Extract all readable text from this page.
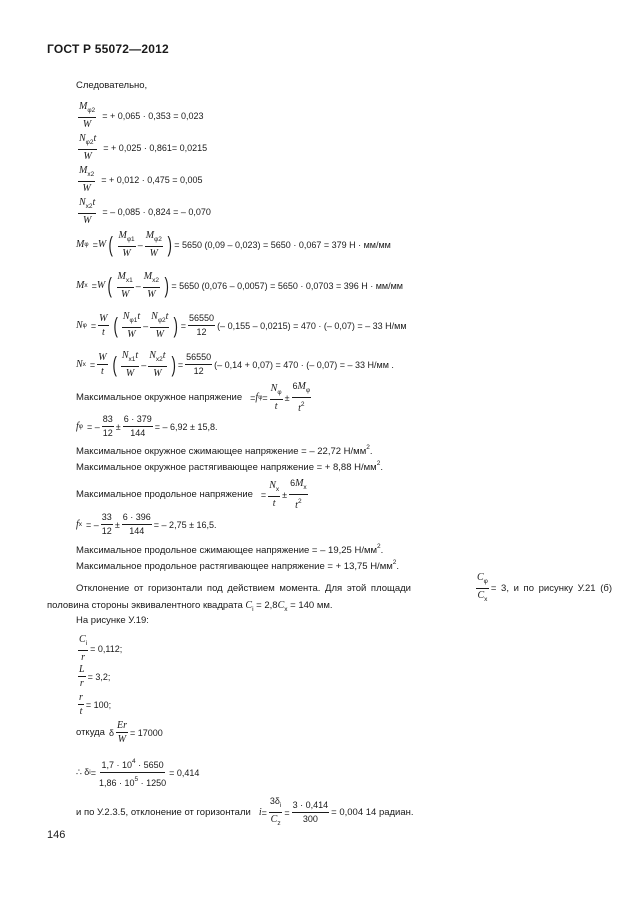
ГОСТ Р 55072—2012
Следовательно,
$M_{\varphi 2}$
W
= + 0,065 · 0,353 = 0,023
$N_{\varphi 2}t$
W
= + 0,025 · 0,861= 0,0215
$M_{x2}$
W
= + 0,012 · 0,475 = 0,005
$N_{x2}t$
W
= – 0,085 · 0,824 = – 0,070
M φ = W ( $M_{\varphi 1}$
W
–
$M_{\varphi 2}$
W ) = 5650 (0,09 – 0,023) = 5650 · 0,067 = 379 Н · мм/мм
M x = W ( $M_{x1}$
W
–
$M_{x2}$
W ) = 5650 (0,076 – 0,0057) = 5650 · 0,0703 = 396 Н · мм/мм
N φ =
W
t ( $N_{\varphi 1}t$
W
–
$N_{\varphi 2}t$
W ) =
56550
12
(– 0,155 – 0,0215) = 470 · (– 0,07) = – 33 Н/мм
N x =
W
t ( $N_{x1}t$
W
–
$N_{x2}t$
W ) =
56550
12
(– 0,14 + 0,07) = 470 · (– 0,07) = – 33 Н/мм .
Максимальное окружное напряжение = f φ =
$N_\varphi$
t
±
$6M_\varphi$
$t^2$
f φ = –
83
12
± $\frac{6 \cdot 379}{144}$ = – 6,92 ± 15,8.
Максимальное окружное сжимающее напряжение = – 22,72 $Н/мм^2$.
Максимальное окружное растягивающее напряжение = + 8,88 $Н/мм^2$.
Максимальное продольное напряжение =
$N_x$
t
±
$6M_x$
$t^2$
f x = –
33
12
± $\frac{6 \cdot 396}{144}$ = – 2,75 ± 16,5.
Максимальное продольное сжимающее напряжение = – 19,25 $Н/мм^2$.
Максимальное продольное растягивающее напряжение = + 13,75 $Н/мм^2$.
Отклонение от горизонтали под действием момента. Для этой площади	$\frac{C_\varphi}{C_x} = 3$, и по рисунку У.21 (б)
половина стороны эквивалентного квадрата $C_i = 2,8C_x = 140$ мм.
На рисунке У.19:
$\frac{C_i}{r} = 0,112$;
$\frac{L}{r} = 3,2$;
$\frac{r}{t} = 100$;
откуда δ $\frac{Er}{W} = 17000$
∴ δ $i = \frac{1,7 \cdot 10^4 \cdot 5650}{1,86 \cdot 10^5 \cdot 1250} = 0,414$
и по У.2.3.5, отклонение от горизонтали i =
$3\delta_i$
$C_z$
= $\frac{3 \cdot 0,414}{300} = 0,004$ 14 радиан.
146
